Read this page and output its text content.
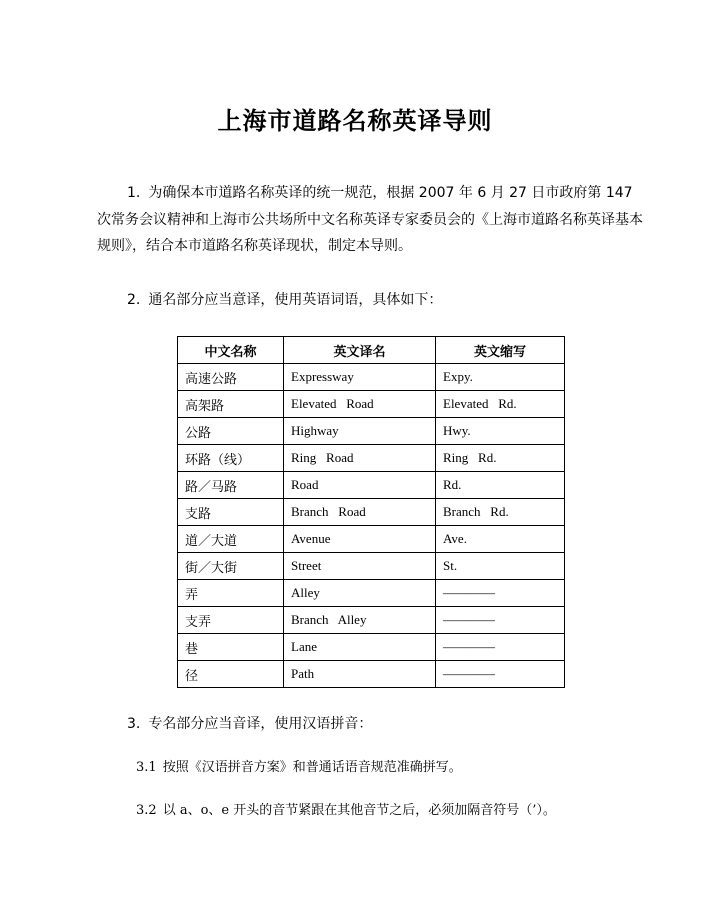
上海市道路名称英译导则

1. 为确保本市道路名称英译的统一规范，根据 2007 年 6 月 27 日市政府第 147 次常务会议精神和上海市公共场所中文名称英译专家委员会的《上海市道路名称英译基本规则》，结合本市道路名称英译现状，制定本导则。

2. 通名部分应当意译，使用英语词语，具体如下：

中文名称	英文译名	英文缩写
高速公路	Expressway	Expy.
高架路	Elevated   Road	Elevated   Rd.
公路	Highway	Hwy.
环路（线）	Ring   Road	Ring   Rd.
路／马路	Road	Rd.
支路	Branch   Road	Branch   Rd.
道／大道	Avenue	Ave.
街／大街	Street	St.
弄	Alley	————
支弄	Branch   Alley	————
巷	Lane	————
径	Path	————

3. 专名部分应当音译，使用汉语拼音：

3.1 按照《汉语拼音方案》和普通话语音规范准确拼写。

3.2 以 a、o、e 开头的音节紧跟在其他音节之后，必须加隔音符号（’）。
